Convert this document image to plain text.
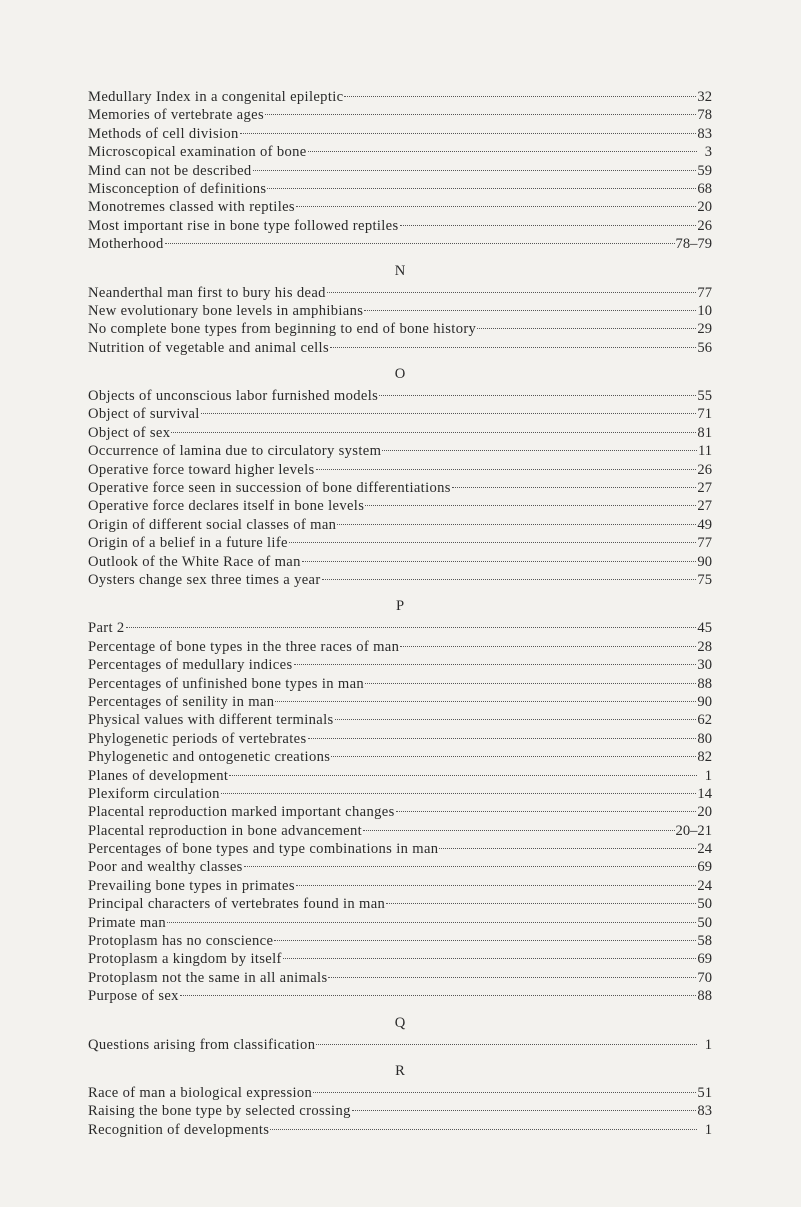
Medullary Index in a congenital epileptic	32
Memories of vertebrate ages	78
Methods of cell division	83
Microscopical examination of bone	3
Mind can not be described	59
Misconception of definitions	68
Monotremes classed with reptiles	20
Most important rise in bone type followed reptiles	26
Motherhood	78–79
N
Neanderthal man first to bury his dead	77
New evolutionary bone levels in amphibians	10
No complete bone types from beginning to end of bone history	29
Nutrition of vegetable and animal cells	56
O
Objects of unconscious labor furnished models	55
Object of survival	71
Object of sex	81
Occurrence of lamina due to circulatory system	11
Operative force toward higher levels	26
Operative force seen in succession of bone differentiations	27
Operative force declares itself in bone levels	27
Origin of different social classes of man	49
Origin of a belief in a future life	77
Outlook of the White Race of man	90
Oysters change sex three times a year	75
P
Part 2	45
Percentage of bone types in the three races of man	28
Percentages of medullary indices	30
Percentages of unfinished bone types in man	88
Percentages of senility in man	90
Physical values with different terminals	62
Phylogenetic periods of vertebrates	80
Phylogenetic and ontogenetic creations	82
Planes of development	1
Plexiform circulation	14
Placental reproduction marked important changes	20
Placental reproduction in bone advancement	20–21
Percentages of bone types and type combinations in man	24
Poor and wealthy classes	69
Prevailing bone types in primates	24
Principal characters of vertebrates found in man	50
Primate man	50
Protoplasm has no conscience	58
Protoplasm a kingdom by itself	69
Protoplasm not the same in all animals	70
Purpose of sex	88
Q
Questions arising from classification	1
R
Race of man a biological expression	51
Raising the bone type by selected crossing	83
Recognition of developments	1
